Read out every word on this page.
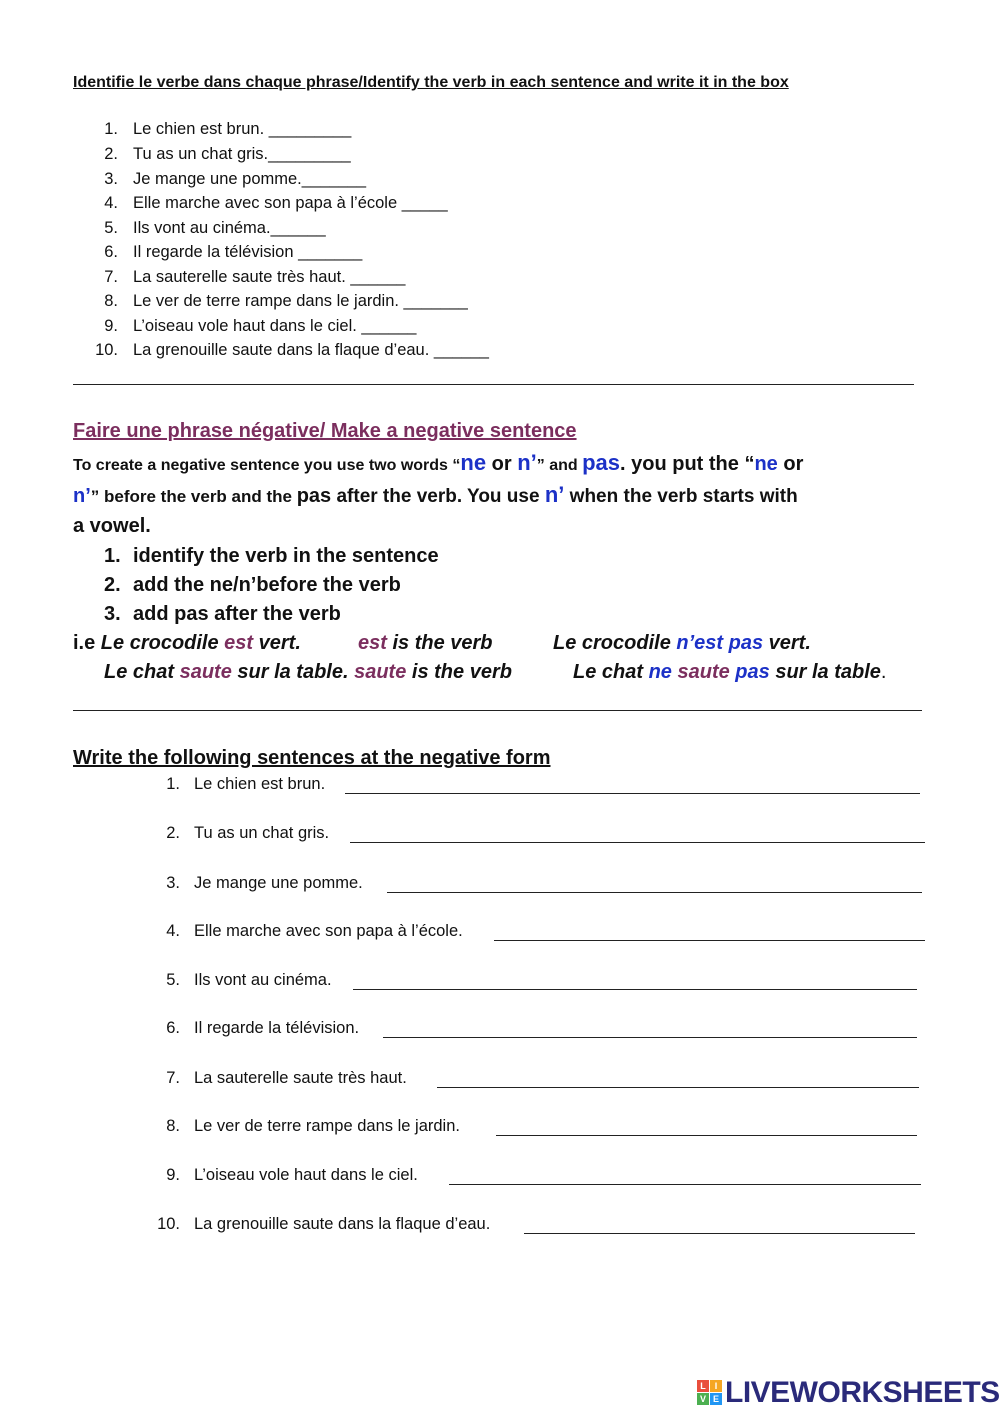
Identifie le verbe dans chaque phrase/Identify the verb in each sentence and write it in the box
1. Le chien est brun. _________
2. Tu as un chat gris._________
3. Je mange une pomme._______
4. Elle marche avec son papa à l’école _____
5. Ils vont au cinéma.______
6. Il regarde la télévision _______
7. La sauterelle saute très haut. ______
8. Le ver de terre rampe dans le jardin. _______
9. L’oiseau vole haut dans le ciel. ______
10. La grenouille saute dans la flaque d’eau. ______
Faire une phrase négative/ Make a negative sentence
To create a negative sentence you use two words “ne or n’” and pas. you put the “ne or
n’” before the verb and the pas after the verb. You use n’ when the verb starts with
a vowel.
1. identify the verb in the sentence
2. add the ne/n’before the verb
3. add pas after the verb
i.e Le crocodile est vert.	est is the verb	Le crocodile n’est pas vert.
Le chat saute sur la table. saute is the verb	Le chat ne saute pas sur la table.
Write the following sentences at the negative form
1. Le chien est brun.
2. Tu as un chat gris.
3. Je mange une pomme.
4. Elle marche avec son papa à l’école.
5. Ils vont au cinéma.
6. Il regarde la télévision.
7. La sauterelle saute très haut.
8. Le ver de terre rampe dans le jardin.
9. L’oiseau vole haut dans le ciel.
10. La grenouille saute dans la flaque d’eau.
L I
V E LIVEWORKSHEETS
